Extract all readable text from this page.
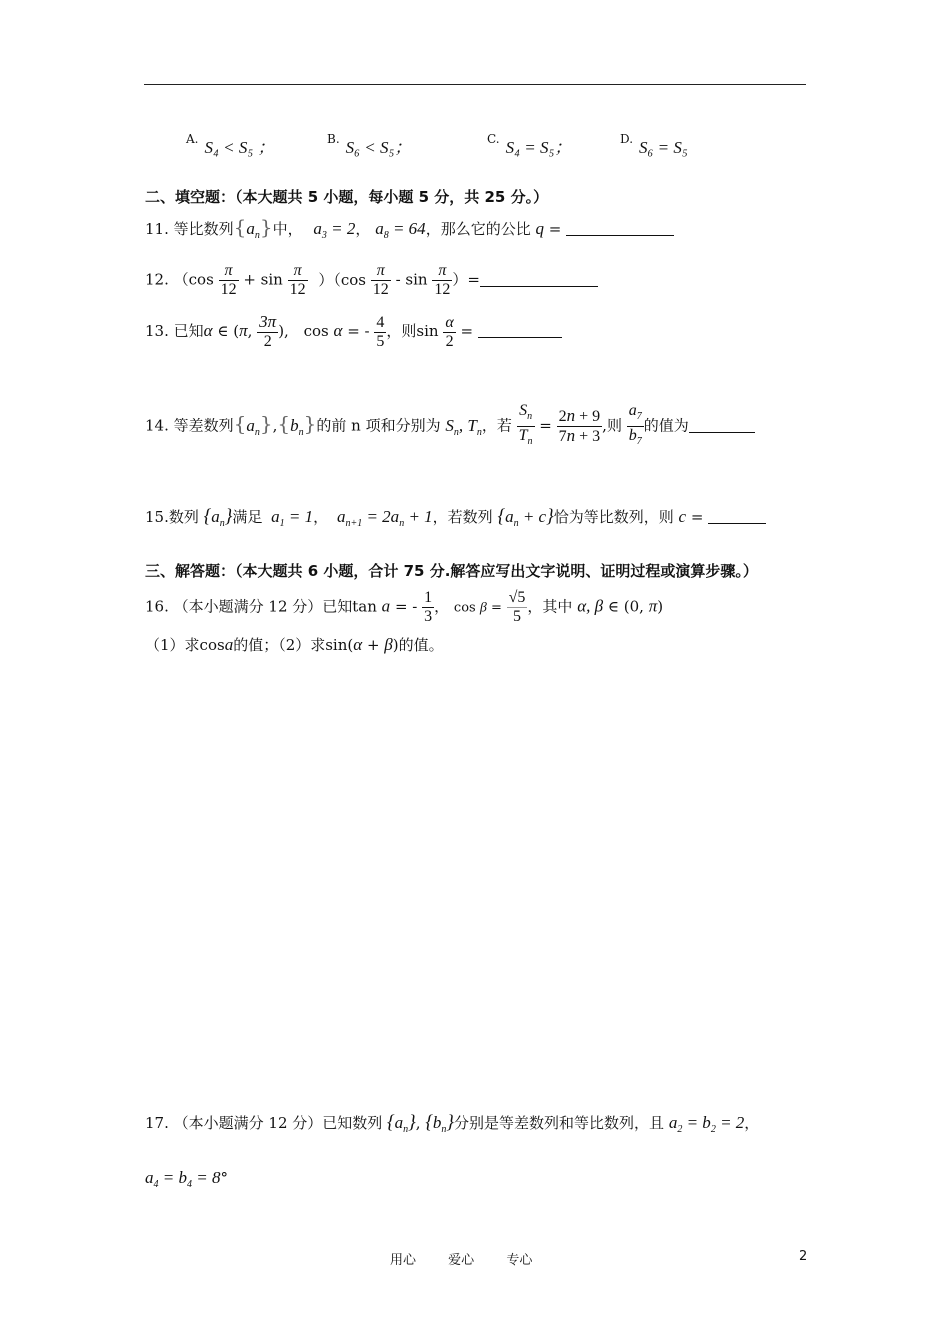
$^{A.}$ S₄ < S₅ ；	$^{B.}$ S₆ < S₅；	$^{C.}$ S₄ = S₅；	$^{D.}$ S₆ = S₅
二、填空题：（本大题共 5 小题，每小题 5 分，共 25 分。）
11. 等比数列$\{a_n\}$中， $a_3 = 2$， $a_8 = 64$，那么它的公比 q =
12. $(\cos \frac{\pi}{12} + \sin \frac{\pi}{12} )(\cos \frac{\pi}{12} - \sin \frac{\pi}{12}$ ）=
13. 已知α ∈ (π, $\frac{3\pi}{2}$ ), cos α = - $\frac{4}{5}$ ，则$\sin \frac{\alpha}{2}$ =
14. 等差数列$\{a_n\},\{b_n\}$的前 n 项和分别为 $S_n$, $T_n$，若 $\frac{S_n}{T_n} = \frac{2n + 9}{7n + 3}$ ,则 $\frac{a_7}{b_7}$ 的值为
15.数列 $\{a_n\}$满足 $a_1 = 1$， $a_{n+1} = 2a_n + 1$，若数列 $\{a_n + c\}$恰为等比数列，则 c =
三、解答题：（本大题共 6 小题，合计 75 分.解答应写出文字说明、证明过程或演算步骤。）
16. （本小题满分 12 分）已知tan a = - $\frac{1}{3}$ ， $\cos \beta = \frac{√5}{5}$ ，其中 α, β ∈ (0, π)
（1）求cosa的值；（2）求sin(α + β)的值。
17. （本小题满分 12 分）已知数列 $\{a_n\}$, $\{b_n\}$分别是等差数列和等比数列，且 $a_2 = b_2 = 2$，
$a_4 = b_4 = 8^\circ$
用心 爱心 专心	2
